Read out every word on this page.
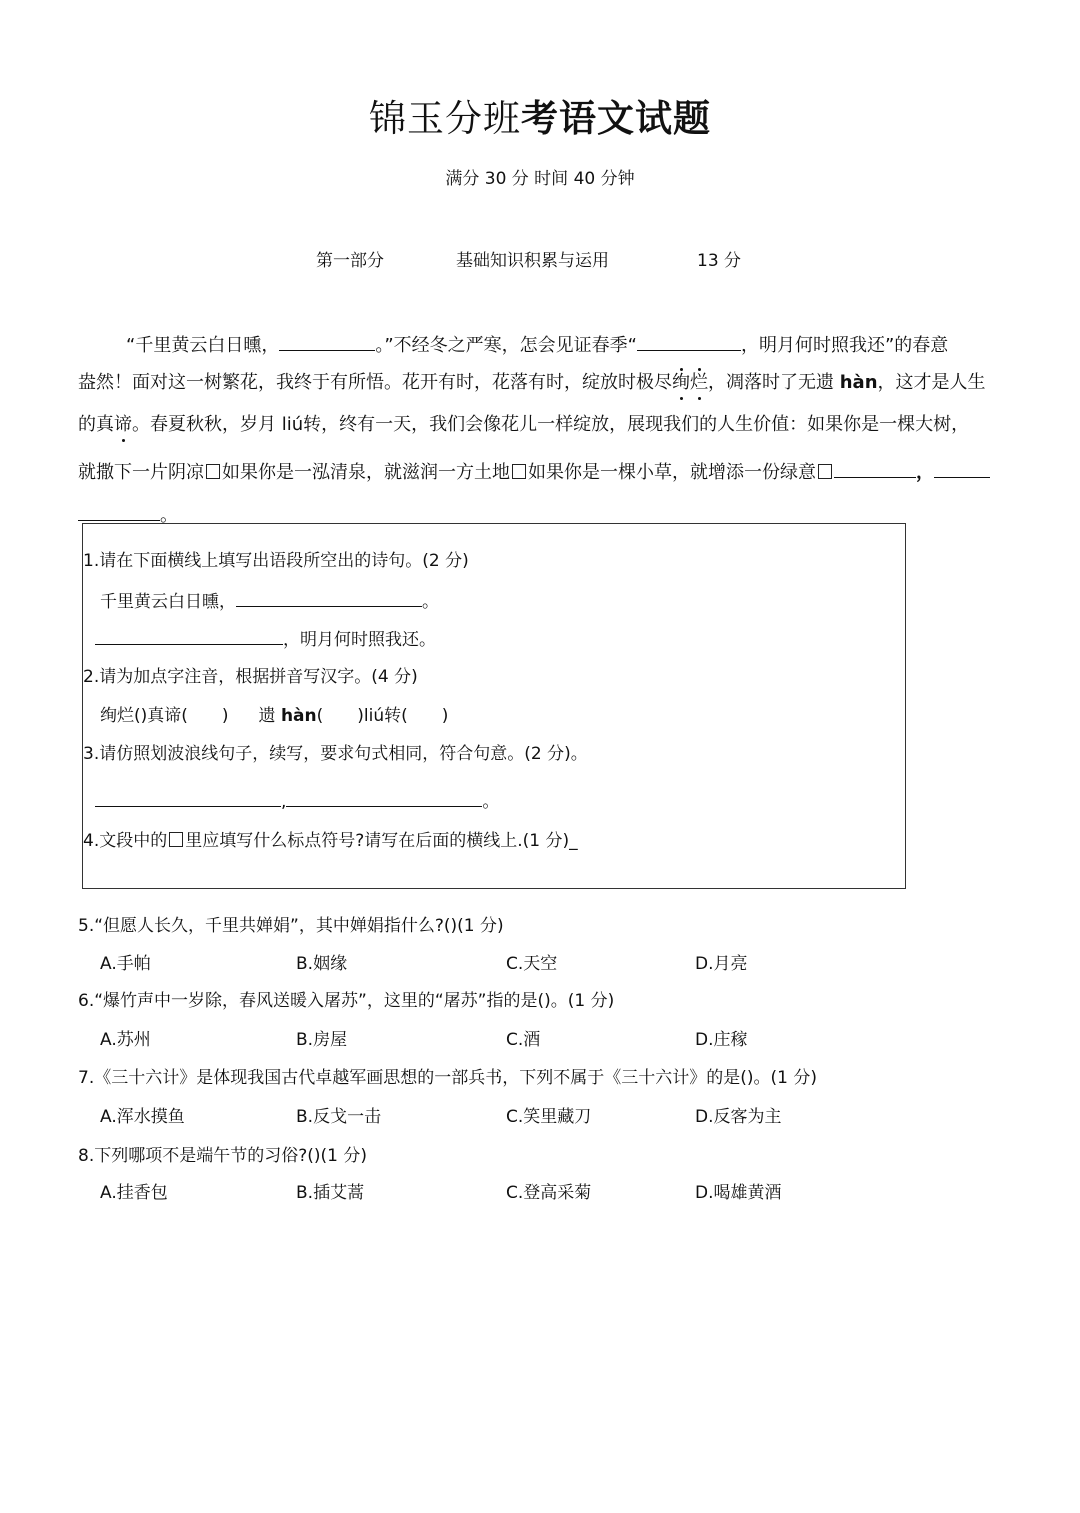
锦玉分班考语文试题
满分 30 分 时间 40 分钟
第一部分	基础知识积累与运用	13 分
“千里黄云白日曛，	。”不经冬之严寒，怎会见证春季“	，明月何时照我还”的春意
盎然！面对这一树繁花，我终于有所悟。花开有时，花落有时，绽放时极尽绚烂，凋落时了无遗 hàn，这才是人生
的真谛。春夏秋秋，岁月 liú转，终有一天，我们会像花儿一样绽放，展现我们的人生价值：如果你是一棵大树，
就撒下一片阴凉 如果你是一泓清泉，就滋润一方土地 如果你是一棵小草，就增添一份绿意	，
。
1.请在下面横线上填写出语段所空出的诗句。(2 分)
千里黄云白日曛，	。
，明月何时照我还。
2.请为加点字注音，根据拼音写汉字。(4 分)
绚烂()真谛(　　) 遗 hàn(　　)liú转(　　)
3.请仿照划波浪线句子，续写，要求句式相同，符合句意。(2 分)。
,	。
4.文段中的 里应填写什么标点符号?请写在后面的横线上.(1 分)_
5.“但愿人长久，千里共婵娟”，其中婵娟指什么?()(1 分)
A.手帕	B.姻缘	C.天空	D.月亮
6.“爆竹声中一岁除，春风送暖入屠苏”，这里的“屠苏”指的是()。(1 分)
A.苏州	B.房屋	C.酒	D.庄稼
7.《三十六计》是体现我国古代卓越军画思想的一部兵书，下列不属于《三十六计》的是()。(1 分)
A.浑水摸鱼	B.反戈一击	C.笑里藏刀	D.反客为主
8.下列哪项不是端午节的习俗?()(1 分)
A.挂香包	B.插艾蒿	C.登高采菊	D.喝雄黄酒
